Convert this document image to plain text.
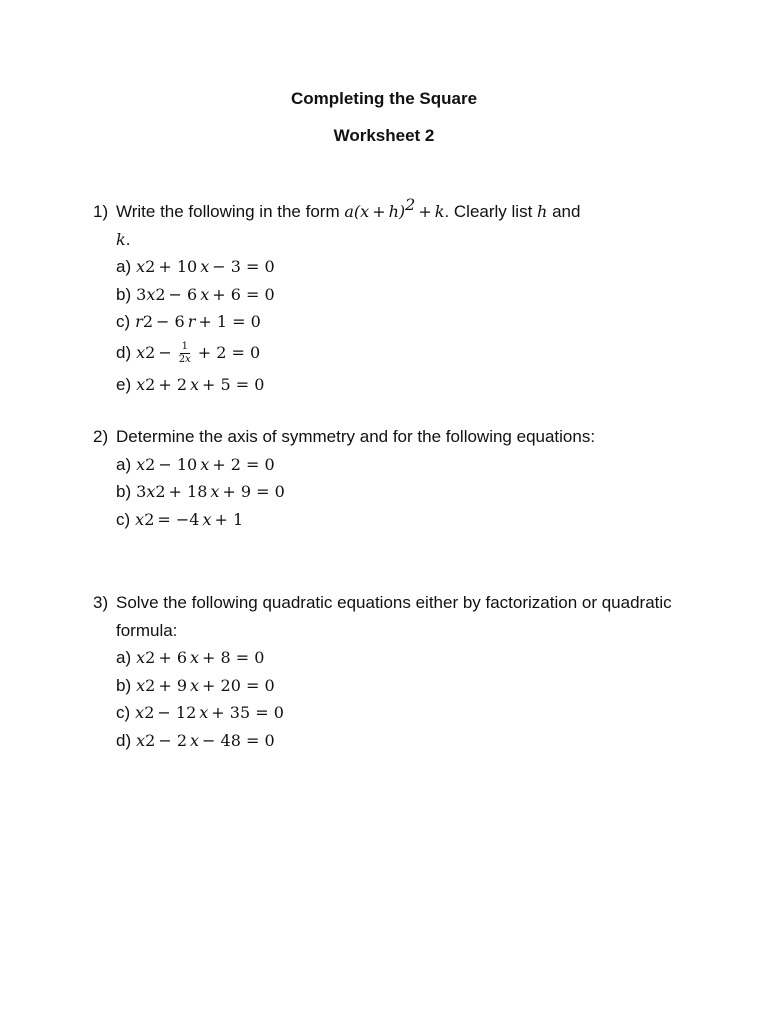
Completing the Square
Worksheet 2
1) Write the following in the form $a(x + h)^2 + k$. Clearly list h and
k.
a) x 2 + 10 x − 3 = 0
b) 3 x 2 − 6 x + 6 = 0
c) r 2 − 6 r + 1 = 0
d) x $2 - \frac{1}{2x} + 2 = 0$
e) x 2 + 2 x + 5 = 0
2) Determine the axis of symmetry and for the following equations:
a) x 2 − 10 x + 2 = 0
b) 3 x 2 + 18 x + 9 = 0
c) x 2 = −4 x + 1
3) Solve the following quadratic equations either by factorization or quadratic formula:
a) x 2 + 6 x + 8 = 0
b) x 2 + 9 x + 20 = 0
c) x 2 − 12 x + 35 = 0
d) x 2 − 2 x − 48 = 0
